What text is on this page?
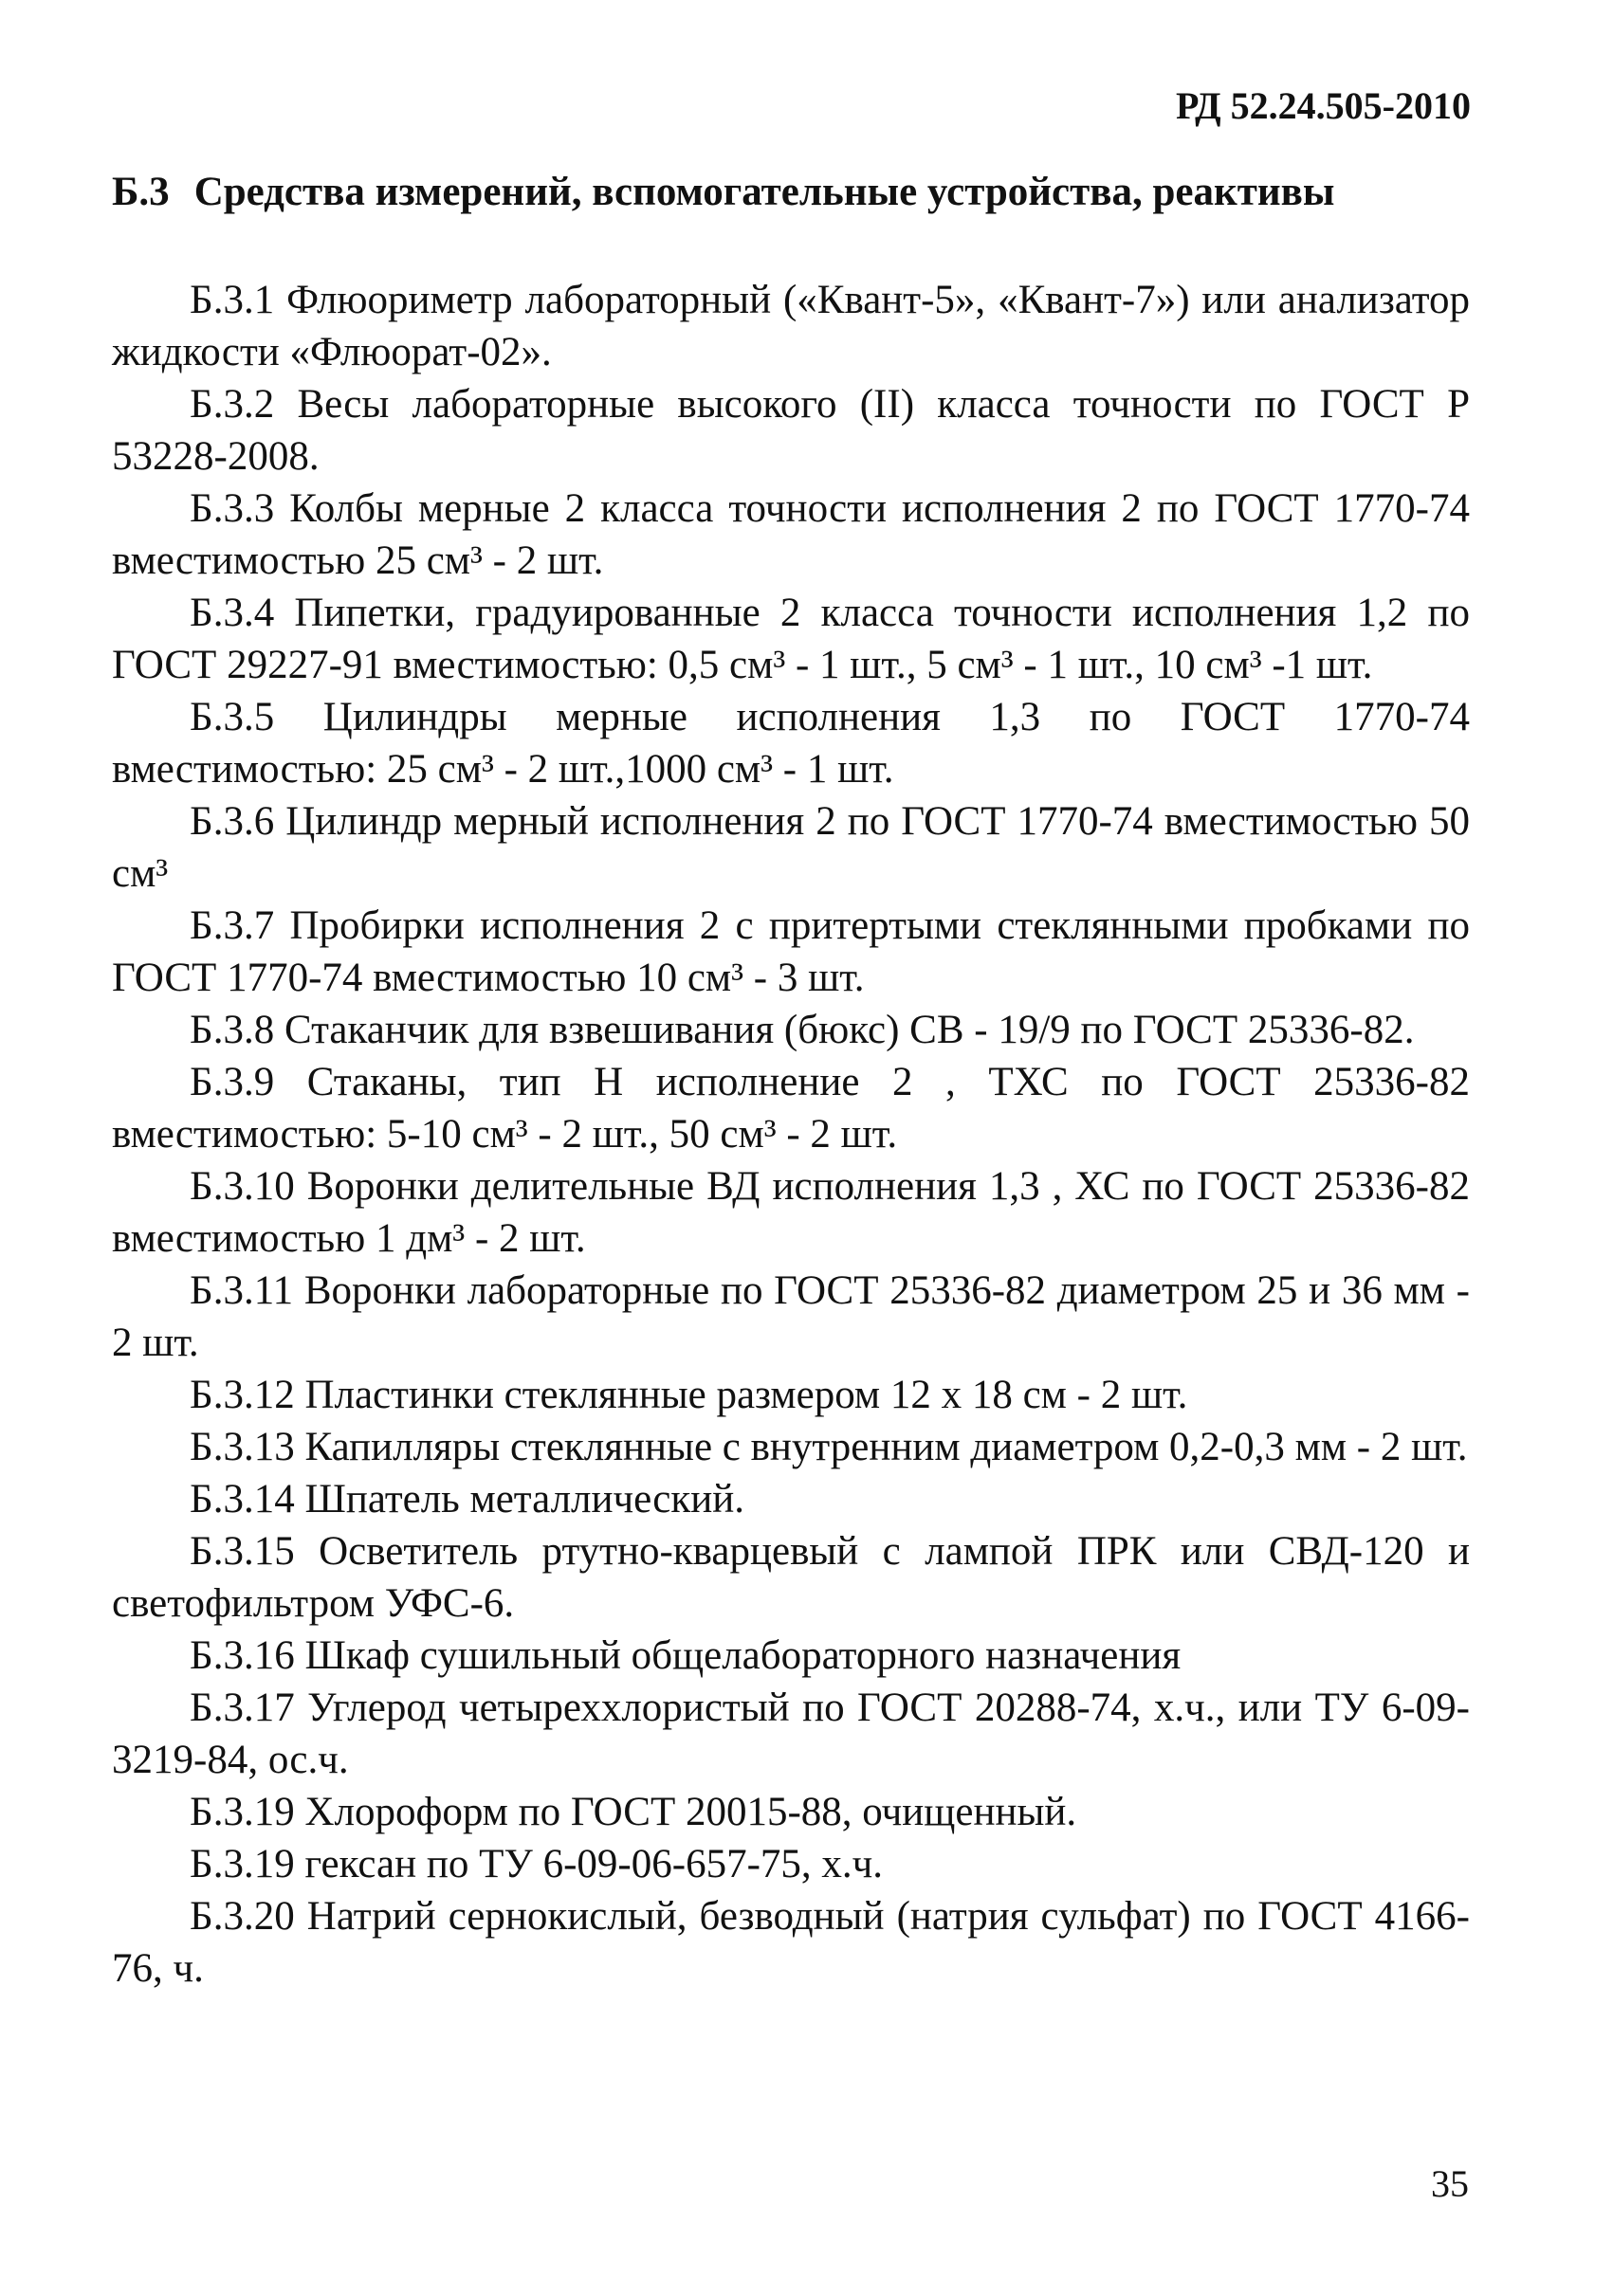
РД 52.24.505-2010

Б.3 Средства измерений, вспомогательные устройства, реактивы

Б.3.1 Флюориметр лабораторный («Квант-5», «Квант-7») или анализатор жидкости «Флюорат-02».

Б.3.2 Весы лабораторные высокого (II) класса точности по ГОСТ Р 53228-2008.

Б.3.3 Колбы мерные 2 класса точности исполнения 2 по ГОСТ 1770-74 вместимостью 25 см³ - 2 шт.

Б.3.4 Пипетки, градуированные 2 класса точности исполнения 1,2 по ГОСТ 29227-91 вместимостью: 0,5 см³ - 1 шт., 5 см³ - 1 шт., 10 см³ -1 шт.

Б.3.5 Цилиндры мерные исполнения 1,3 по ГОСТ 1770-74 вместимостью: 25 см³ - 2 шт.,1000 см³ - 1 шт.

Б.3.6 Цилиндр мерный исполнения 2 по ГОСТ 1770-74 вместимостью 50 см³

Б.3.7 Пробирки исполнения 2 с притертыми стеклянными пробками по ГОСТ 1770-74 вместимостью 10 см³ - 3 шт.

Б.3.8 Стаканчик для взвешивания (бюкс) СВ - 19/9 по ГОСТ 25336-82.

Б.3.9 Стаканы, тип Н исполнение 2 , ТХС по ГОСТ 25336-82 вместимостью: 5-10 см³ - 2 шт., 50 см³ - 2 шт.

Б.3.10 Воронки делительные ВД исполнения 1,3 , ХС по ГОСТ 25336-82 вместимостью 1 дм³ - 2 шт.

Б.3.11 Воронки лабораторные по ГОСТ 25336-82 диаметром 25 и 36 мм - 2 шт.

Б.3.12 Пластинки стеклянные размером 12 х 18 см - 2 шт.

Б.3.13 Капилляры стеклянные с внутренним диаметром 0,2-0,3 мм - 2 шт.

Б.3.14 Шпатель металлический.

Б.3.15 Осветитель ртутно-кварцевый с лампой ПРК или СВД-120 и светофильтром УФС-6.

Б.3.16 Шкаф сушильный общелабораторного назначения

Б.3.17 Углерод четыреххлористый по ГОСТ 20288-74, х.ч., или ТУ 6-09-3219-84, ос.ч.

Б.3.19 Хлороформ по ГОСТ 20015-88, очищенный.

Б.3.19 гексан по ТУ 6-09-06-657-75, х.ч.

Б.3.20 Натрий сернокислый, безводный (натрия сульфат) по ГОСТ 4166-76, ч.

35
